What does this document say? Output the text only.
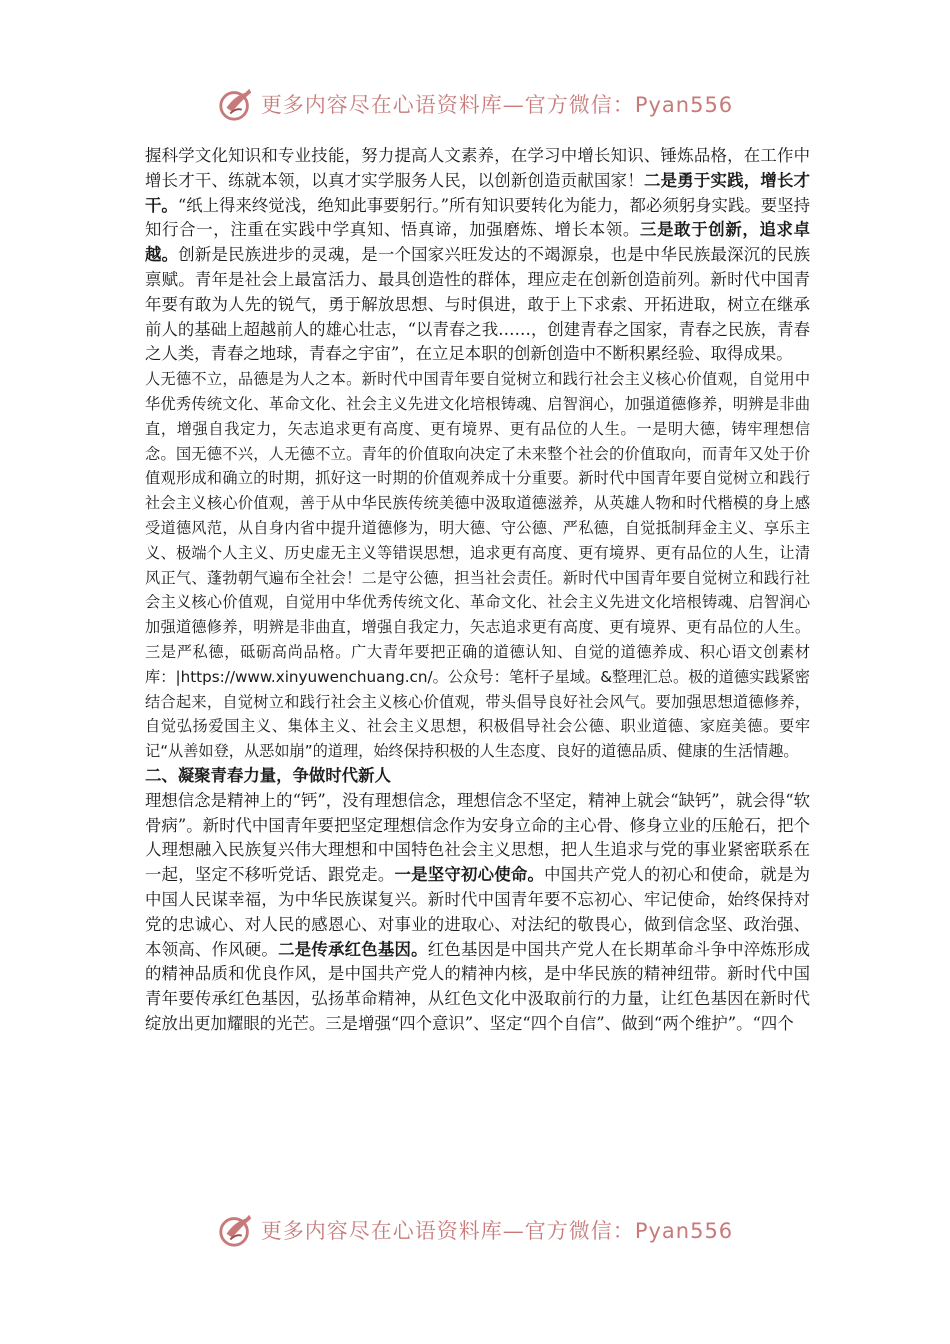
更多内容尽在心语资料库—官方微信：Pyan556

握科学文化知识和专业技能，努力提高人文素养，在学习中增长知识、锤炼品格，在工作中增长才干、练就本领，以真才实学服务人民，以创新创造贡献国家！二是勇于实践，增长才干。“纸上得来终觉浅，绝知此事要躬行。”所有知识要转化为能力，都必须躬身实践。要坚持知行合一，注重在实践中学真知、悟真谛，加强磨炼、增长本领。三是敢于创新，追求卓越。创新是民族进步的灵魂，是一个国家兴旺发达的不竭源泉，也是中华民族最深沉的民族禀赋。青年是社会上最富活力、最具创造性的群体，理应走在创新创造前列。新时代中国青年要有敢为人先的锐气，勇于解放思想、与时俱进，敢于上下求索、开拓进取，树立在继承前人的基础上超越前人的雄心壮志，“以青春之我……，创建青春之国家，青春之民族，青春之人类，青春之地球，青春之宇宙”，在立足本职的创新创造中不断积累经验、取得成果。

人无德不立，品德是为人之本。新时代中国青年要自觉树立和践行社会主义核心价值观，自觉用中华优秀传统文化、革命文化、社会主义先进文化培根铸魂、启智润心，加强道德修养，明辨是非曲直，增强自我定力，矢志追求更有高度、更有境界、更有品位的人生。一是明大德，铸牢理想信念。国无德不兴，人无德不立。青年的价值取向决定了未来整个社会的价值取向，而青年又处于价值观形成和确立的时期，抓好这一时期的价值观养成十分重要。新时代中国青年要自觉树立和践行社会主义核心价值观，善于从中华民族传统美德中汲取道德滋养，从英雄人物和时代楷模的身上感受道德风范，从自身内省中提升道德修为，明大德、守公德、严私德，自觉抵制拜金主义、享乐主义、极端个人主义、历史虚无主义等错误思想，追求更有高度、更有境界、更有品位的人生，让清风正气、蓬勃朝气遍布全社会！二是守公德，担当社会责任。新时代中国青年要自觉树立和践行社会主义核心价值观，自觉用中华优秀传统文化、革命文化、社会主义先进文化培根铸魂、启智润心加强道德修养，明辨是非曲直，增强自我定力，矢志追求更有高度、更有境界、更有品位的人生。三是严私德，砥砺高尚品格。广大青年要把正确的道德认知、自觉的道德养成、积心语文创素材库：|https://www.xinyuwenchuang.cn/。公众号：笔杆子星域。&整理汇总。极的道德实践紧密结合起来，自觉树立和践行社会主义核心价值观，带头倡导良好社会风气。要加强思想道德修养，自觉弘扬爱国主义、集体主义、社会主义思想，积极倡导社会公德、职业道德、家庭美德。要牢记“从善如登，从恶如崩”的道理，始终保持积极的人生态度、良好的道德品质、健康的生活情趣。

二、凝聚青春力量，争做时代新人

理想信念是精神上的“钙”，没有理想信念，理想信念不坚定，精神上就会“缺钙”，就会得“软骨病”。新时代中国青年要把坚定理想信念作为安身立命的主心骨、修身立业的压舱石，把个人理想融入民族复兴伟大理想和中国特色社会主义思想，把人生追求与党的事业紧密联系在一起，坚定不移听党话、跟党走。一是坚守初心使命。中国共产党人的初心和使命，就是为中国人民谋幸福，为中华民族谋复兴。新时代中国青年要不忘初心、牢记使命，始终保持对党的忠诚心、对人民的感恩心、对事业的进取心、对法纪的敬畏心，做到信念坚、政治强、本领高、作风硬。二是传承红色基因。红色基因是中国共产党人在长期革命斗争中淬炼形成的精神品质和优良作风，是中国共产党人的精神内核，是中华民族的精神纽带。新时代中国青年要传承红色基因，弘扬革命精神，从红色文化中汲取前行的力量，让红色基因在新时代绽放出更加耀眼的光芒。三是增强“四个意识”、坚定“四个自信”、做到“两个维护”。“四个

更多内容尽在心语资料库—官方微信：Pyan556
